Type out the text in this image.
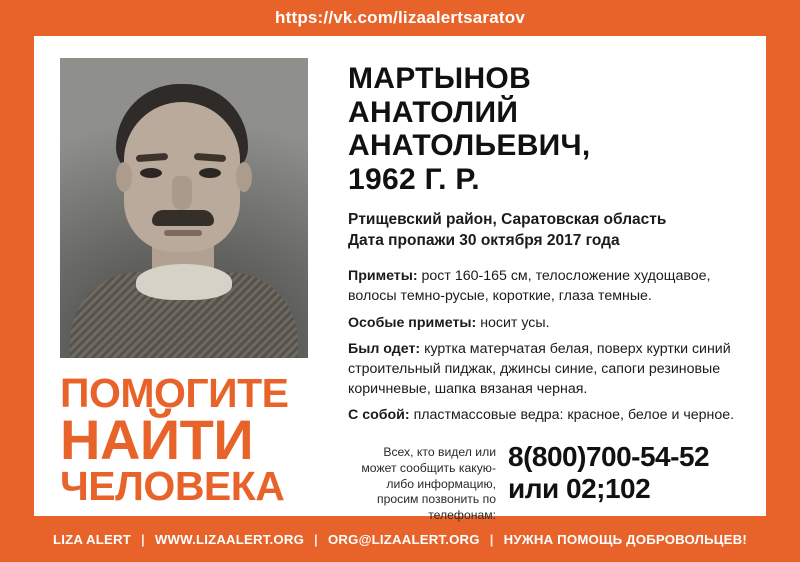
https://vk.com/lizaalertsaratov
ПОМОГИТЕ
НАЙТИ
ЧЕЛОВЕКА
МАРТЫНОВ
АНАТОЛИЙ
АНАТОЛЬЕВИЧ,
1962 Г. Р.
Ртищевский район, Саратовская область
Дата пропажи 30 октября 2017 года

Приметы: рост 160-165 см, телосложение худощавое, волосы темно-русые, короткие, глаза темные.

Особые приметы: носит усы.

Был одет: куртка матерчатая белая, поверх куртки синий строительный пиджак, джинсы синие, сапоги резиновые коричневые, шапка вязаная черная.

С собой: пластмассовые ведра: красное, белое и черное.

Всех, кто видел или может сообщить какую-либо информацию, просим позвонить по телефонам:
8(800)700-54-52
или 02;102
LIZA ALERT | WWW.LIZAALERT.ORG | ORG@LIZAALERT.ORG | НУЖНА ПОМОЩЬ ДОБРОВОЛЬЦЕВ!
